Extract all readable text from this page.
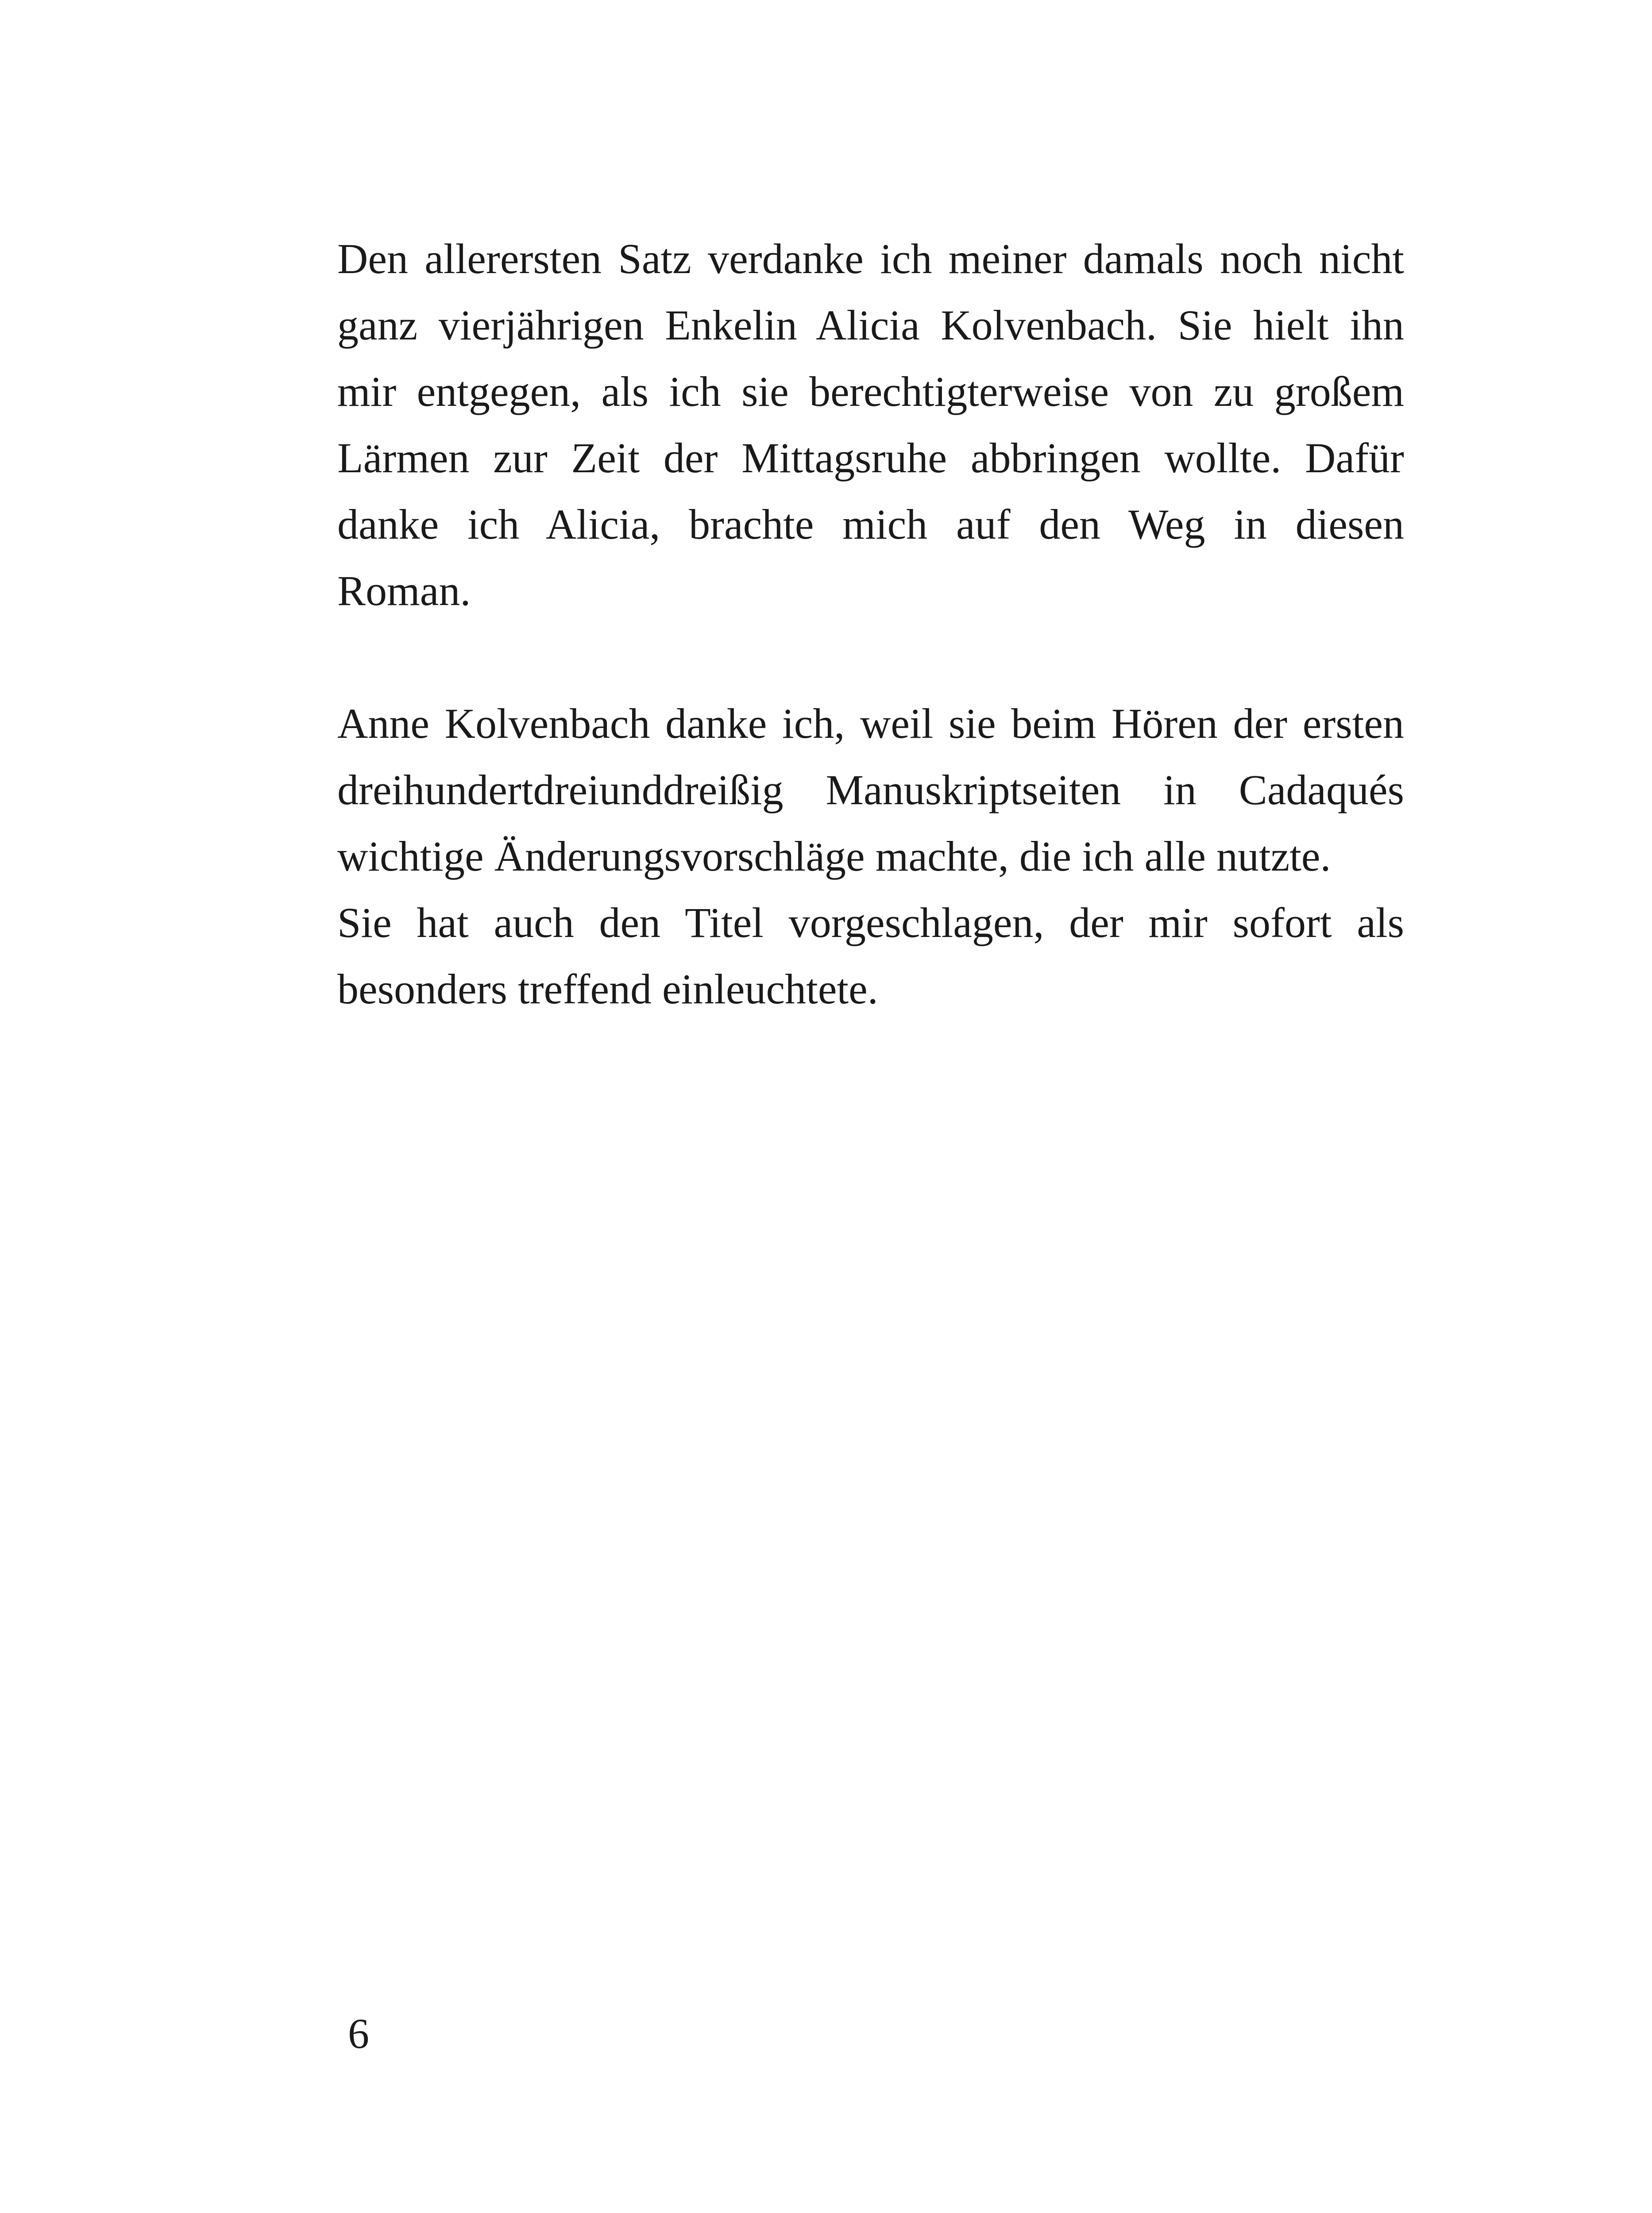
Den allerersten Satz verdanke ich meiner damals noch nicht
ganz vierjährigen Enkelin Alicia Kolvenbach. Sie hielt ihn
mir entgegen, als ich sie berechtigterweise von zu großem
Lärmen zur Zeit der Mittagsruhe abbringen wollte. Dafür
danke ich Alicia, brachte mich auf den Weg in diesen
Roman.
Anne Kolvenbach danke ich, weil sie beim Hören der ersten
dreihundertdreiunddreißig Manuskriptseiten in Cadaqués
wichtige Änderungsvorschläge machte, die ich alle nutzte.
Sie hat auch den Titel vorgeschlagen, der mir sofort als
besonders treffend einleuchtete.
6
